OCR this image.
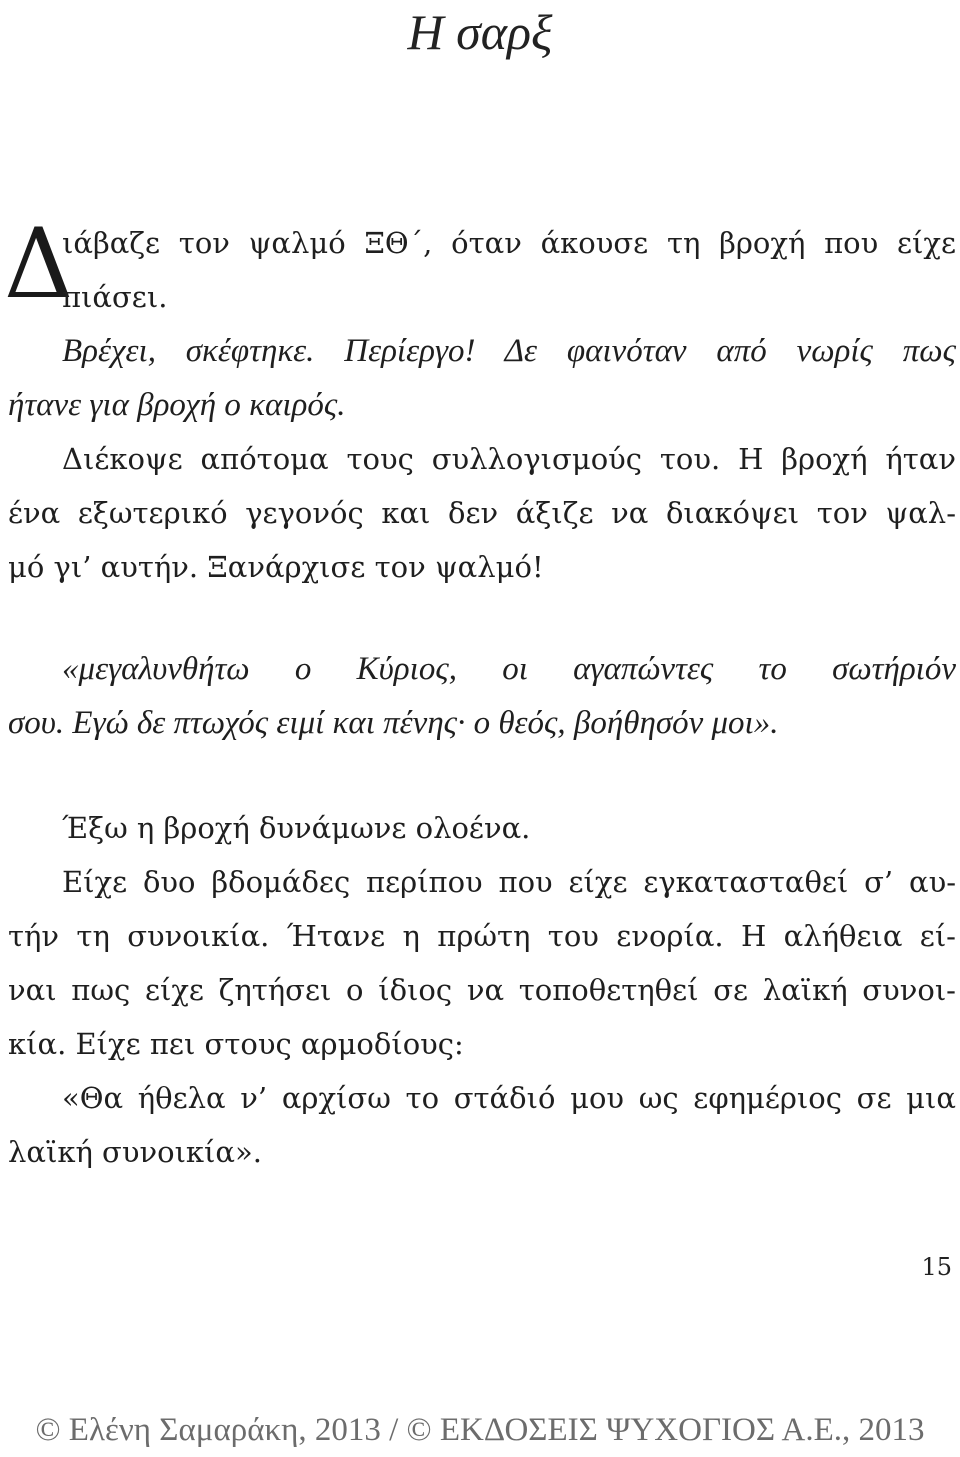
Η σαρξ
Δ
ιάβαζε τον ψαλμό ΞΘ΄, όταν άκουσε τη βροχή που είχε
πιάσει.
Βρέχει, σκέφτηκε. Περίεργο! Δε φαινόταν από νωρίς πως
ήτανε για βροχή ο καιρός.
Διέκοψε απότομα τους συλλογισμούς του. Η βροχή ήταν
ένα εξωτερικό γεγονός και δεν άξιζε να διακόψει τον ψαλ-
μό γι’ αυτήν. Ξανάρχισε τον ψαλμό!
«μεγαλυνθήτω ο Κύριος, οι αγαπώντες το σωτήριόν
σου. Εγώ δε πτωχός ειμί και πένης· ο θεός, βοήθησόν μοι».
Έξω η βροχή δυνάμωνε ολοένα.
Είχε δυο βδομάδες περίπου που είχε εγκατασταθεί σ’ αυ-
τήν τη συνοικία. Ήτανε η πρώτη του ενορία. Η αλήθεια εί-
ναι πως είχε ζητήσει ο ίδιος να τοποθετηθεί σε λαϊκή συνοι-
κία. Είχε πει στους αρμοδίους:
«Θα ήθελα ν’ αρχίσω το στάδιό μου ως εφημέριος σε μια
λαϊκή συνοικία».
15
© Ελένη Σαμαράκη, 2013 / © ΕΚΔΟΣΕΙΣ ΨΥΧΟΓΙΟΣ Α.Ε., 2013
